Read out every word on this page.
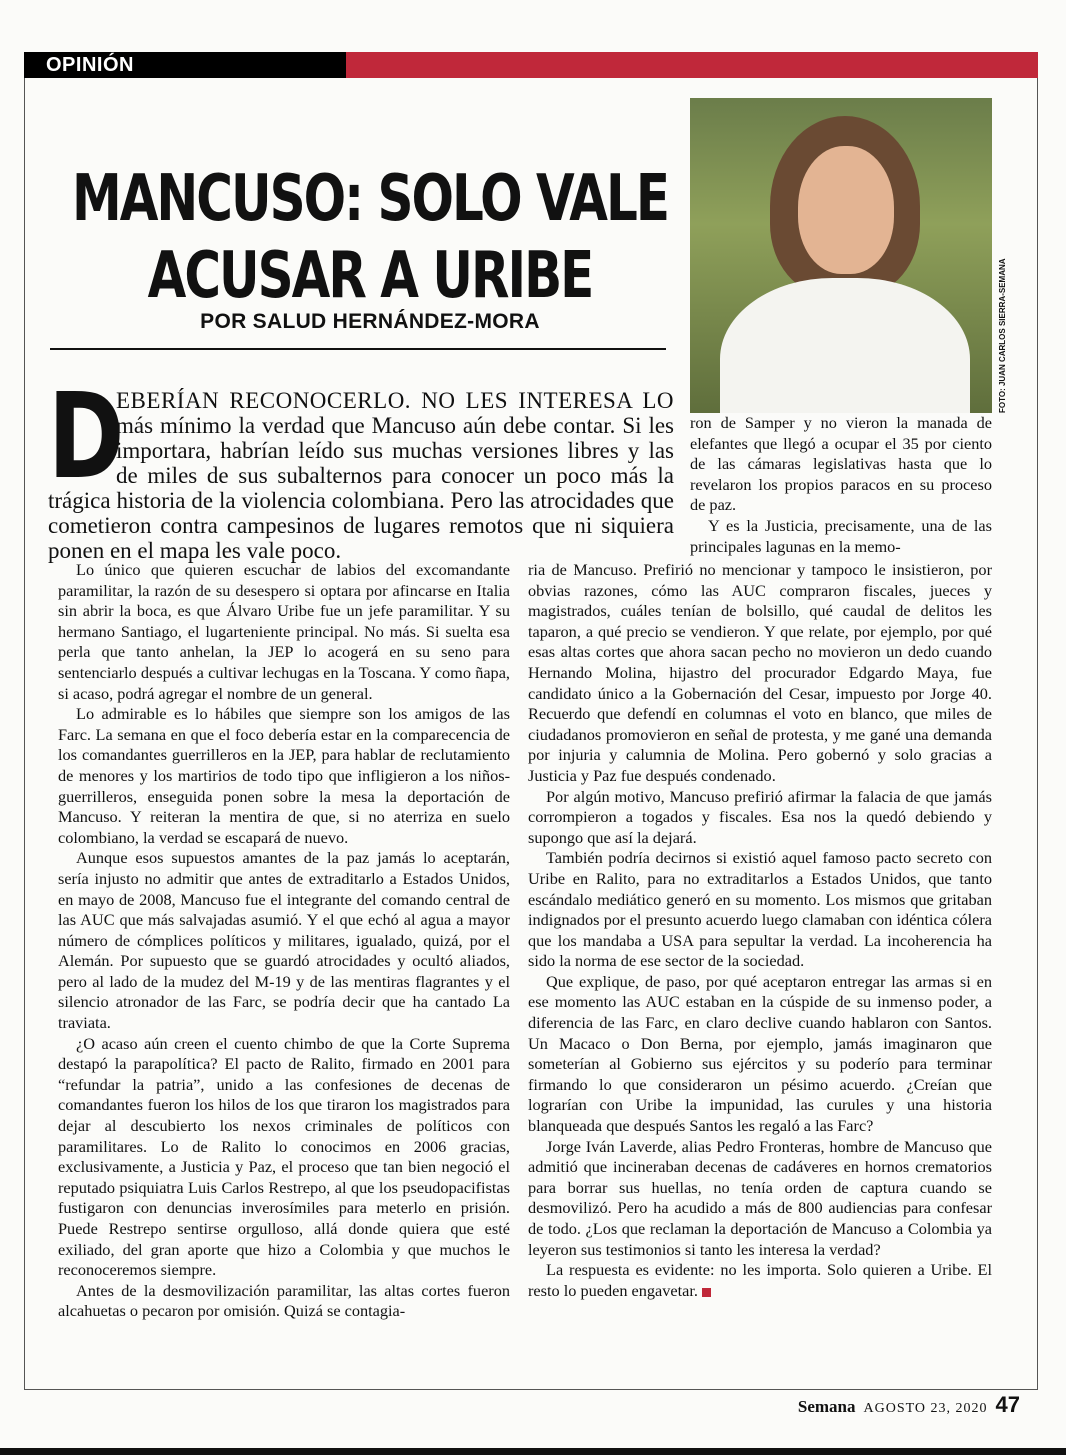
OPINIÓN
MANCUSO: SOLO VALE
ACUSAR A URIBE
POR SALUD HERNÁNDEZ-MORA	FOTO: JUAN CARLOS SIERRA-SEMANA

D
EBERÍAN RECONOCERLO. NO LES INTERESA LO más mínimo la verdad que Mancuso aún debe contar. Si les importara, habrían leído sus muchas versiones libres y las de miles de sus subalternos para conocer un poco más la trágica historia de la violencia colombiana. Pero las atrocidades que cometieron contra campesinos de lugares remotos que ni siquiera ponen en el mapa les vale poco.

ron de Samper y no vieron la manada de elefantes que llegó a ocupar el 35 por ciento de las cámaras legislativas hasta que lo revelaron los propios paracos en su proceso de paz.

Y es la Justicia, precisamente, una de las principales lagunas en la memo-

Lo único que quieren escuchar de labios del excomandante paramilitar, la razón de su desespero si optara por afincarse en Italia sin abrir la boca, es que Álvaro Uribe fue un jefe paramilitar. Y su hermano Santiago, el lugarteniente principal. No más. Si suelta esa perla que tanto anhelan, la JEP lo acogerá en su seno para sentenciarlo después a cultivar lechugas en la Toscana. Y como ñapa, si acaso, podrá agregar el nombre de un general.

Lo admirable es lo hábiles que siempre son los amigos de las Farc. La semana en que el foco debería estar en la comparecencia de los comandantes guerrilleros en la JEP, para hablar de reclutamiento de menores y los martirios de todo tipo que infligieron a los niños-guerrilleros, enseguida ponen sobre la mesa la deportación de Mancuso. Y reiteran la mentira de que, si no aterriza en suelo colombiano, la verdad se escapará de nuevo.

Aunque esos supuestos amantes de la paz jamás lo aceptarán, sería injusto no admitir que antes de extraditarlo a Estados Unidos, en mayo de 2008, Mancuso fue el integrante del comando central de las AUC que más salvajadas asumió. Y el que echó al agua a mayor número de cómplices políticos y militares, igualado, quizá, por el Alemán. Por supuesto que se guardó atrocidades y ocultó aliados, pero al lado de la mudez del M-19 y de las mentiras flagrantes y el silencio atronador de las Farc, se podría decir que ha cantado La traviata.

¿O acaso aún creen el cuento chimbo de que la Corte Suprema destapó la parapolítica? El pacto de Ralito, firmado en 2001 para “refundar la patria”, unido a las confesiones de decenas de comandantes fueron los hilos de los que tiraron los magistrados para dejar al descubierto los nexos criminales de políticos con paramilitares. Lo de Ralito lo conocimos en 2006 gracias, exclusivamente, a Justicia y Paz, el proceso que tan bien negoció el reputado psiquiatra Luis Carlos Restrepo, al que los pseudopacifistas fustigaron con denuncias inverosímiles para meterlo en prisión. Puede Restrepo sentirse orgulloso, allá donde quiera que esté exiliado, del gran aporte que hizo a Colombia y que muchos le reconoceremos siempre.

Antes de la desmovilización paramilitar, las altas cortes fueron alcahuetas o pecaron por omisión. Quizá se contagia-

ria de Mancuso. Prefirió no mencionar y tampoco le insistieron, por obvias razones, cómo las AUC compraron fiscales, jueces y magistrados, cuáles tenían de bolsillo, qué caudal de delitos les taparon, a qué precio se vendieron. Y que relate, por ejemplo, por qué esas altas cortes que ahora sacan pecho no movieron un dedo cuando Hernando Molina, hijastro del procurador Edgardo Maya, fue candidato único a la Gobernación del Cesar, impuesto por Jorge 40. Recuerdo que defendí en columnas el voto en blanco, que miles de ciudadanos promovieron en señal de protesta, y me gané una demanda por injuria y calumnia de Molina. Pero gobernó y solo gracias a Justicia y Paz fue después condenado.

Por algún motivo, Mancuso prefirió afirmar la falacia de que jamás corrompieron a togados y fiscales. Esa nos la quedó debiendo y supongo que así la dejará.

También podría decirnos si existió aquel famoso pacto secreto con Uribe en Ralito, para no extraditarlos a Estados Unidos, que tanto escándalo mediático generó en su momento. Los mismos que gritaban indignados por el presunto acuerdo luego clamaban con idéntica cólera que los mandaba a USA para sepultar la verdad. La incoherencia ha sido la norma de ese sector de la sociedad.

Que explique, de paso, por qué aceptaron entregar las armas si en ese momento las AUC estaban en la cúspide de su inmenso poder, a diferencia de las Farc, en claro declive cuando hablaron con Santos. Un Macaco o Don Berna, por ejemplo, jamás imaginaron que someterían al Gobierno sus ejércitos y su poderío para terminar firmando lo que consideraron un pésimo acuerdo. ¿Creían que lograrían con Uribe la impunidad, las curules y una historia blanqueada que después Santos les regaló a las Farc?

Jorge Iván Laverde, alias Pedro Fronteras, hombre de Mancuso que admitió que incineraban decenas de cadáveres en hornos crematorios para borrar sus huellas, no tenía orden de captura cuando se desmovilizó. Pero ha acudido a más de 800 audiencias para confesar de todo. ¿Los que reclaman la deportación de Mancuso a Colombia ya leyeron sus testimonios si tanto les interesa la verdad?

La respuesta es evidente: no les importa. Solo quieren a Uribe. El resto lo pueden engavetar.

Semana AGOSTO 23, 2020 47
